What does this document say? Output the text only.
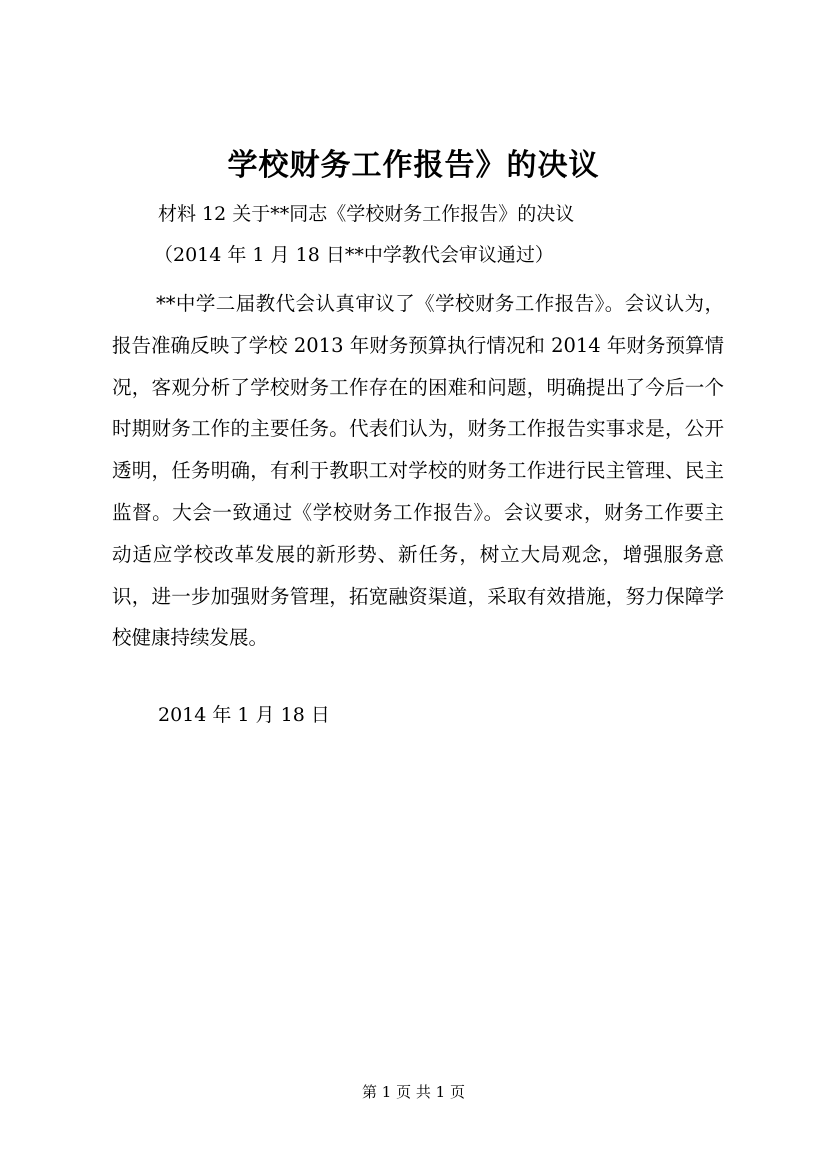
学校财务工作报告》的决议

材料 12 关于**同志《学校财务工作报告》的决议

（2014 年 1 月 18 日**中学教代会审议通过）

**中学二届教代会认真审议了《学校财务工作报告》。会议认为，报告准确反映了学校 2013 年财务预算执行情况和 2014 年财务预算情况，客观分析了学校财务工作存在的困难和问题，明确提出了今后一个时期财务工作的主要任务。代表们认为，财务工作报告实事求是，公开透明，任务明确，有利于教职工对学校的财务工作进行民主管理、民主监督。大会一致通过《学校财务工作报告》。会议要求，财务工作要主动适应学校改革发展的新形势、新任务，树立大局观念，增强服务意识，进一步加强财务管理，拓宽融资渠道，采取有效措施，努力保障学校健康持续发展。

2014 年 1 月 18 日

第 1 页 共 1 页
